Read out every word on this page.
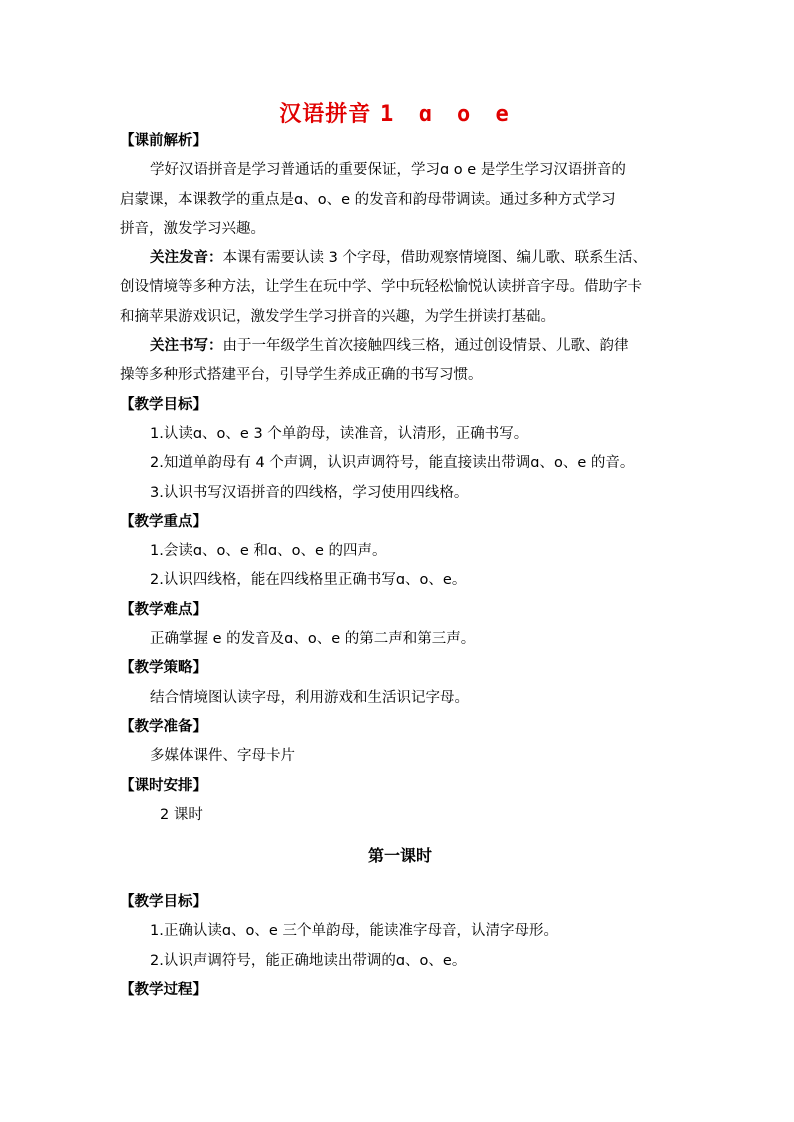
汉语拼音 1 ɑ o e
【课前解析】
学好汉语拼音是学习普通话的重要保证，学习ɑ o e 是学生学习汉语拼音的
启蒙课，本课教学的重点是ɑ、o、e 的发音和韵母带调读。通过多种方式学习
拼音，激发学习兴趣。
关注发音：本课有需要认读 3 个字母，借助观察情境图、编儿歌、联系生活、
创设情境等多种方法，让学生在玩中学、学中玩轻松愉悦认读拼音字母。借助字卡
和摘苹果游戏识记，激发学生学习拼音的兴趣，为学生拼读打基础。
关注书写：由于一年级学生首次接触四线三格，通过创设情景、儿歌、韵律
操等多种形式搭建平台，引导学生养成正确的书写习惯。
【教学目标】
1.认读ɑ、o、e 3 个单韵母，读准音，认清形，正确书写。
2.知道单韵母有 4 个声调，认识声调符号，能直接读出带调ɑ、o、e 的音。
3.认识书写汉语拼音的四线格，学习使用四线格。
【教学重点】
1.会读ɑ、o、e 和ɑ、o、e 的四声。
2.认识四线格，能在四线格里正确书写ɑ、o、e。
【教学难点】
正确掌握 e 的发音及ɑ、o、e 的第二声和第三声。
【教学策略】
结合情境图认读字母，利用游戏和生活识记字母。
【教学准备】
多媒体课件、字母卡片
【课时安排】
2 课时
第一课时
【教学目标】
1.正确认读ɑ、o、e 三个单韵母，能读准字母音，认清字母形。
2.认识声调符号，能正确地读出带调的ɑ、o、e。
【教学过程】
